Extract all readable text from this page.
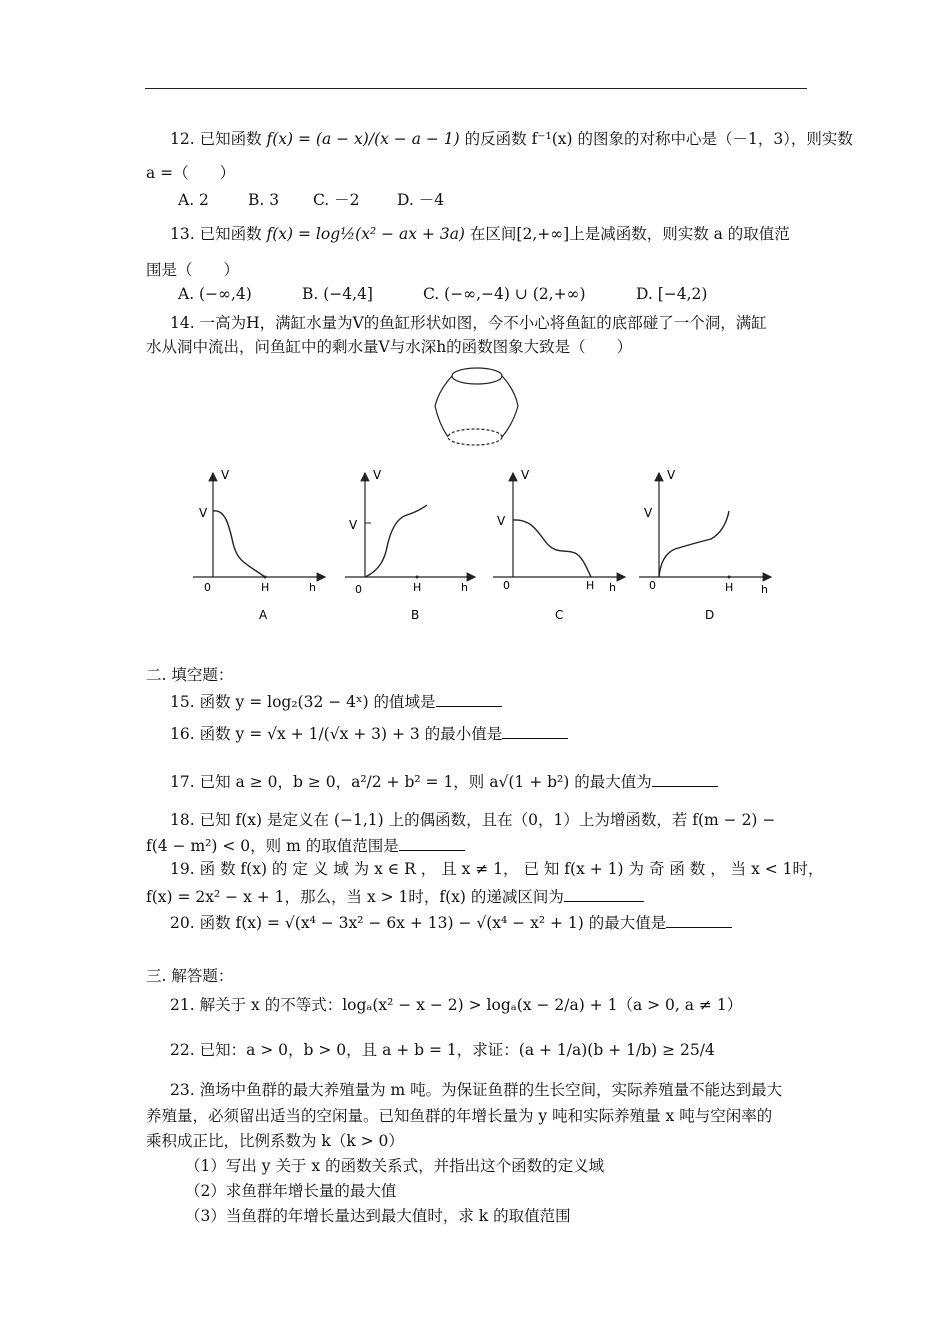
12. 已知函数 f(x) = (a − x)/(x − a − 1) 的反函数 f⁻¹(x) 的图象的对称中心是（－1，3），则实数
a =（　　）
A. 2	B. 3 C. －2 D. －4
13. 已知函数 f(x) = log½(x² − ax + 3a) 在区间[2,+∞]上是减函数，则实数 a 的取值范
围是（　　）
A. (−∞,4)	B. (−4,4]	C. (−∞,−4) ∪ (2,+∞)	D. [−4,2)
14. 一高为H，满缸水量为V的鱼缸形状如图，今不小心将鱼缸的底部碰了一个洞，满缸
水从洞中流出，问鱼缸中的剩水量V与水深h的函数图象大致是（　　）
V
V
0	H	h
A
V
V
0	H	h
B
V
V
0	H h
C
V
V
0	H	h
D
二. 填空题：
15. 函数 y = log₂(32 − 4ˣ) 的值域是
16. 函数 y = √x + 1/(√x + 3) + 3 的最小值是
17. 已知 a ≥ 0，b ≥ 0，a²/2 + b² = 1，则 a√(1 + b²) 的最大值为
18. 已知 f(x) 是定义在 (−1,1) 上的偶函数，且在（0，1）上为增函数，若 f(m − 2) −
f(4 − m²) < 0，则 m 的取值范围是
19. 函 数 f(x) 的 定 义 域 为 x ∈ R ， 且 x ≠ 1， 已 知 f(x + 1) 为 奇 函 数 ， 当 x < 1时，
f(x) = 2x² − x + 1，那么，当 x > 1时，f(x) 的递减区间为
20. 函数 f(x) = √(x⁴ − 3x² − 6x + 13) − √(x⁴ − x² + 1) 的最大值是
三. 解答题：
21. 解关于 x 的不等式：logₐ(x² − x − 2) > logₐ(x − 2/a) + 1（a > 0, a ≠ 1）
22. 已知：a > 0，b > 0，且 a + b = 1，求证：(a + 1/a)(b + 1/b) ≥ 25/4
23. 渔场中鱼群的最大养殖量为 m 吨。为保证鱼群的生长空间，实际养殖量不能达到最大
养殖量，必须留出适当的空闲量。已知鱼群的年增长量为 y 吨和实际养殖量 x 吨与空闲率的
乘积成正比，比例系数为 k（k > 0）
（1）写出 y 关于 x 的函数关系式，并指出这个函数的定义域
（2）求鱼群年增长量的最大值
（3）当鱼群的年增长量达到最大值时，求 k 的取值范围
